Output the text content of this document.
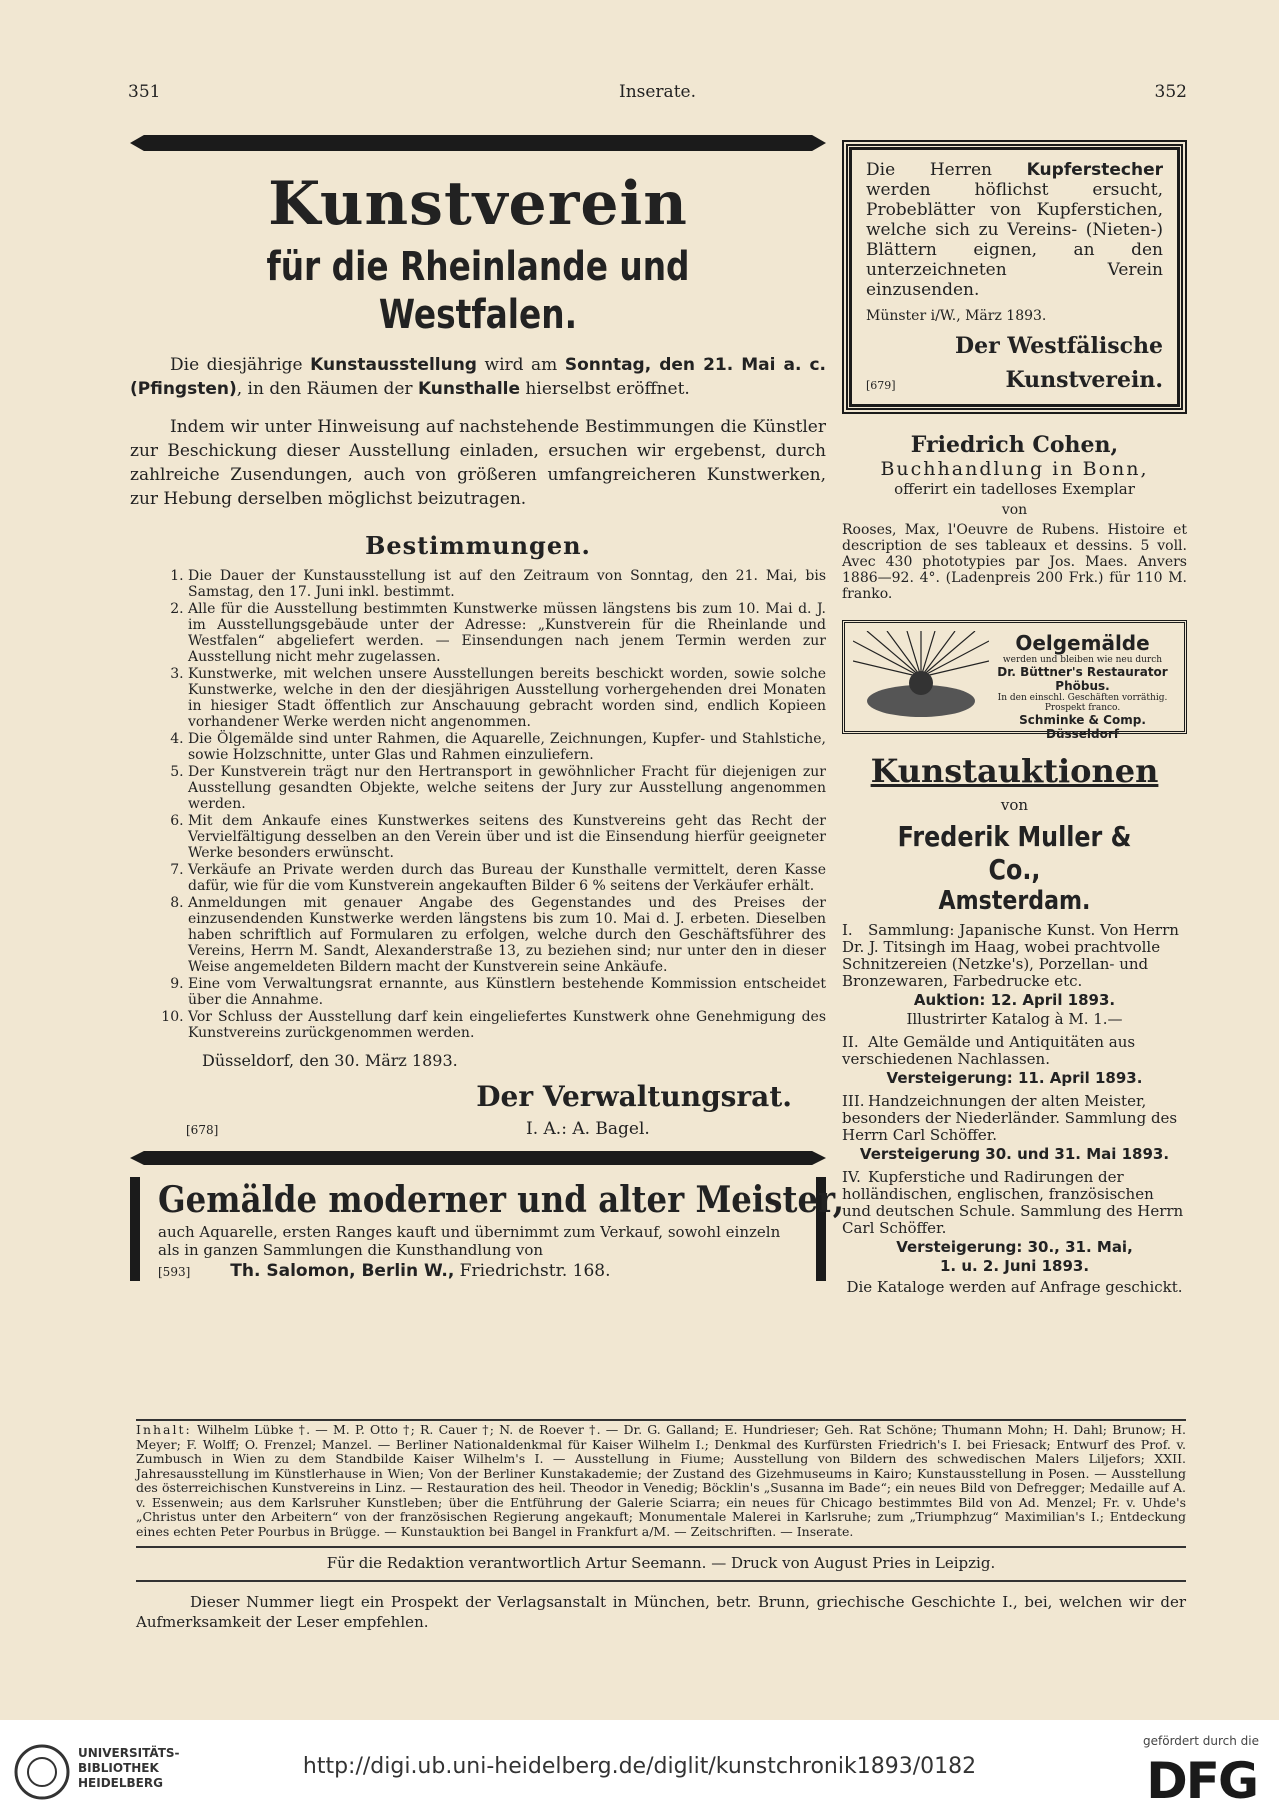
351	Inserate.	352
Kunstverein
für die Rheinlande und Westfalen.

Die diesjährige Kunstausstellung wird am Sonntag, den 21. Mai a. c. (Pfingsten), in den Räumen der Kunsthalle hierselbst eröffnet.

Indem wir unter Hinweisung auf nachstehende Bestimmungen die Künstler zur Beschickung dieser Ausstellung einladen, ersuchen wir ergebenst, durch zahlreiche Zusendungen, auch von größeren umfangreicheren Kunstwerken, zur Hebung derselben möglichst beizutragen.

Bestimmungen.
1. Die Dauer der Kunstausstellung ist auf den Zeitraum von Sonntag, den 21. Mai, bis Samstag, den 17. Juni inkl. bestimmt.
2. Alle für die Ausstellung bestimmten Kunstwerke müssen längstens bis zum 10. Mai d. J. im Ausstellungsgebäude unter der Adresse: „Kunstverein für die Rheinlande und Westfalen“ abgeliefert werden. — Einsendungen nach jenem Termin werden zur Ausstellung nicht mehr zugelassen.
3. Kunstwerke, mit welchen unsere Ausstellungen bereits beschickt worden, sowie solche Kunstwerke, welche in den der diesjährigen Ausstellung vorhergehenden drei Monaten in hiesiger Stadt öffentlich zur Anschauung gebracht worden sind, endlich Kopieen vorhandener Werke werden nicht angenommen.
4. Die Ölgemälde sind unter Rahmen, die Aquarelle, Zeichnungen, Kupfer- und Stahlstiche, sowie Holzschnitte, unter Glas und Rahmen einzuliefern.
5. Der Kunstverein trägt nur den Hertransport in gewöhnlicher Fracht für diejenigen zur Ausstellung gesandten Objekte, welche seitens der Jury zur Ausstellung angenommen werden.
6. Mit dem Ankaufe eines Kunstwerkes seitens des Kunstvereins geht das Recht der Vervielfältigung desselben an den Verein über und ist die Einsendung hierfür geeigneter Werke besonders erwünscht.
7. Verkäufe an Private werden durch das Bureau der Kunsthalle vermittelt, deren Kasse dafür, wie für die vom Kunstverein angekauften Bilder 6 % seitens der Verkäufer erhält.
8. Anmeldungen mit genauer Angabe des Gegenstandes und des Preises der einzusendenden Kunstwerke werden längstens bis zum 10. Mai d. J. erbeten. Dieselben haben schriftlich auf Formularen zu erfolgen, welche durch den Geschäftsführer des Vereins, Herrn M. Sandt, Alexanderstraße 13, zu beziehen sind; nur unter den in dieser Weise angemeldeten Bildern macht der Kunstverein seine Ankäufe.
9. Eine vom Verwaltungsrat ernannte, aus Künstlern bestehende Kommission entscheidet über die Annahme.
10. Vor Schluss der Ausstellung darf kein eingeliefertes Kunstwerk ohne Genehmigung des Kunstvereins zurückgenommen werden.
Düsseldorf, den 30. März 1893.
Der Verwaltungsrat.
[678]	I. A.: A. Bagel.
Gemälde moderner und alter Meister,
auch Aquarelle, ersten Ranges kauft und übernimmt zum Verkauf, sowohl einzeln als in ganzen Sammlungen die Kunsthandlung von
[593] Th. Salomon, Berlin W., Friedrichstr. 168.
Die Herren Kupferstecher werden höflichst ersucht, Probeblätter von Kupferstichen, welche sich zu Vereins- (Nieten-) Blättern eignen, an den unterzeichneten Verein einzusenden.
Münster i/W., März 1893.
Der Westfälische
[679]	Kunstverein.
Friedrich Cohen,
Buchhandlung in Bonn,
offerirt ein tadelloses Exemplar
von
Rooses, Max, l'Oeuvre de Rubens. Histoire et description de ses tableaux et dessins. 5 voll. Avec 430 phototypies par Jos. Maes. Anvers 1886—92. 4°. (Ladenpreis 200 Frk.) für 110 M. franko.
Oelgemälde
werden und bleiben wie neu durch
Dr. Büttner's Restaurator Phöbus.
In den einschl. Geschäften vorräthig. Prospekt franco.
Schminke & Comp. Düsseldorf
Kunstauktionen
von
Frederik Muller & Co.,
Amsterdam.
I. Sammlung: Japanische Kunst. Von Herrn Dr. J. Titsingh im Haag, wobei prachtvolle Schnitzereien (Netzke's), Porzellan- und Bronzewaren, Farbedrucke etc.
Auktion: 12. April 1893.
Illustrirter Katalog à M. 1.—
II. Alte Gemälde und Antiquitäten aus verschiedenen Nachlassen.
Versteigerung: 11. April 1893.
III. Handzeichnungen der alten Meister, besonders der Niederländer. Sammlung des Herrn Carl Schöffer.
Versteigerung 30. und 31. Mai 1893.
IV. Kupferstiche und Radirungen der holländischen, englischen, französischen und deutschen Schule. Sammlung des Herrn Carl Schöffer.
Versteigerung: 30., 31. Mai,
1. u. 2. Juni 1893.
Die Kataloge werden auf Anfrage geschickt.
Inhalt: Wilhelm Lübke †. — M. P. Otto †; R. Cauer †; N. de Roever †. — Dr. G. Galland; E. Hundrieser; Geh. Rat Schöne; Thumann Mohn; H. Dahl; Brunow; H. Meyer; F. Wolff; O. Frenzel; Manzel. — Berliner Nationaldenkmal für Kaiser Wilhelm I.; Denkmal des Kurfürsten Friedrich's I. bei Friesack; Entwurf des Prof. v. Zumbusch in Wien zu dem Standbilde Kaiser Wilhelm's I. — Ausstellung in Fiume; Ausstellung von Bildern des schwedischen Malers Liljefors; XXII. Jahresausstellung im Künstlerhause in Wien; Von der Berliner Kunstakademie; der Zustand des Gizehmuseums in Kairo; Kunstausstellung in Posen. — Ausstellung des österreichischen Kunstvereins in Linz. — Restauration des heil. Theodor in Venedig; Böcklin's „Susanna im Bade“; ein neues Bild von Defregger; Medaille auf A. v. Essenwein; aus dem Karlsruher Kunstleben; über die Entführung der Galerie Sciarra; ein neues für Chicago bestimmtes Bild von Ad. Menzel; Fr. v. Uhde's „Christus unter den Arbeitern“ von der französischen Regierung angekauft; Monumentale Malerei in Karlsruhe; zum „Triumphzug“ Maximilian's I.; Entdeckung eines echten Peter Pourbus in Brügge. — Kunstauktion bei Bangel in Frankfurt a/M. — Zeitschriften. — Inserate.
Für die Redaktion verantwortlich Artur Seemann. — Druck von August Pries in Leipzig.
Dieser Nummer liegt ein Prospekt der Verlagsanstalt in München, betr. Brunn, griechische Geschichte I., bei, welchen wir der Aufmerksamkeit der Leser empfehlen.
UNIVERSITÄTS-
BIBLIOTHEK
HEIDELBERG
http://digi.ub.uni-heidelberg.de/diglit/kunstchronik1893/0182
gefördert durch die
DFG
